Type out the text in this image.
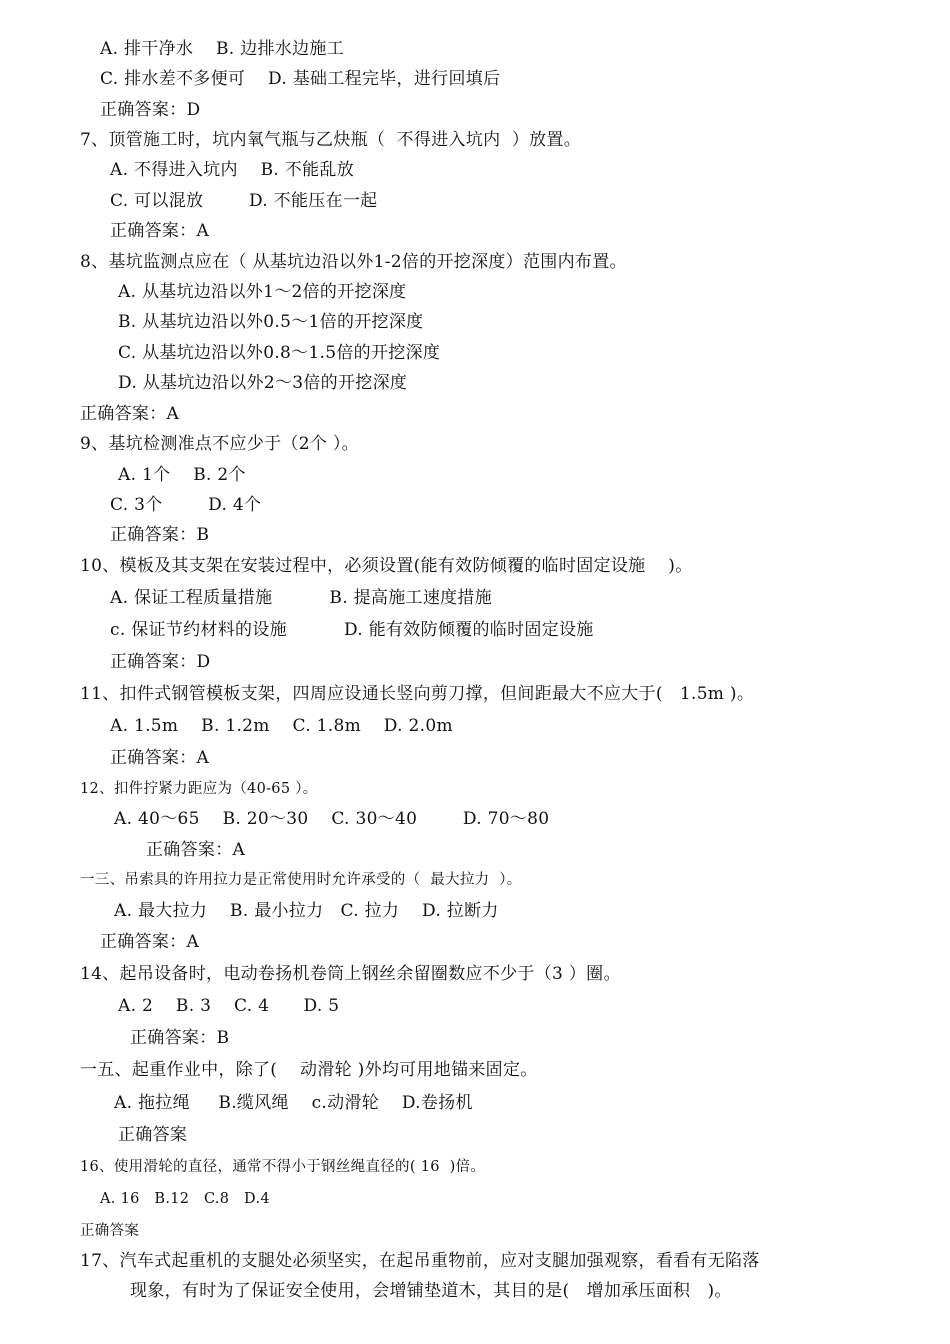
A. 排干净水    B. 边排水边施工
C. 排水差不多便可    D. 基础工程完毕，进行回填后
正确答案：D
7、顶管施工时，坑内氧气瓶与乙炔瓶（  不得进入坑内  ）放置。
A. 不得进入坑内    B. 不能乱放
C. 可以混放        D. 不能压在一起
正确答案：A
8、基坑监测点应在（ 从基坑边沿以外1-2倍的开挖深度）范围内布置。
A. 从基坑边沿以外1～2倍的开挖深度
B. 从基坑边沿以外0.5～1倍的开挖深度
C. 从基坑边沿以外0.8～1.5倍的开挖深度
D. 从基坑边沿以外2～3倍的开挖深度
正确答案：A
9、基坑检测准点不应少于（2个 ）。
A. 1个    B. 2个
C. 3个        D. 4个
正确答案：B
10、模板及其支架在安装过程中，必须设置(能有效防倾覆的临时固定设施    )。
A. 保证工程质量措施          B. 提高施工速度措施
c. 保证节约材料的设施          D. 能有效防倾覆的临时固定设施
正确答案：D
11、扣件式钢管模板支架，四周应设通长竖向剪刀撑，但间距最大不应大于(   1.5m )。
A. 1.5m    B. 1.2m    C. 1.8m    D. 2.0m
正确答案：A
12、扣件拧紧力距应为（40-65 ）。
A. 40～65    B. 20～30    C. 30～40        D. 70～80
正确答案：A
一三、吊索具的许用拉力是正常使用时允许承受的（  最大拉力  ）。
A. 最大拉力    B. 最小拉力   C. 拉力    D. 拉断力
正确答案：A
14、起吊设备时，电动卷扬机卷筒上钢丝余留圈数应不少于（3 ）圈。
A. 2    B. 3    C. 4      D. 5
正确答案：B
一五、起重作业中，除了(    动滑轮 )外均可用地锚来固定。
A. 拖拉绳     B.缆风绳    c.动滑轮    D.卷扬机
正确答案
16、使用滑轮的直径，通常不得小于钢丝绳直径的( 16  )倍。
A. 16   B.12   C.8   D.4
正确答案
17、汽车式起重机的支腿处必须坚实，在起吊重物前，应对支腿加强观察，看看有无陷落
现象，有时为了保证安全使用，会增铺垫道木，其目的是(   增加承压面积   )。
